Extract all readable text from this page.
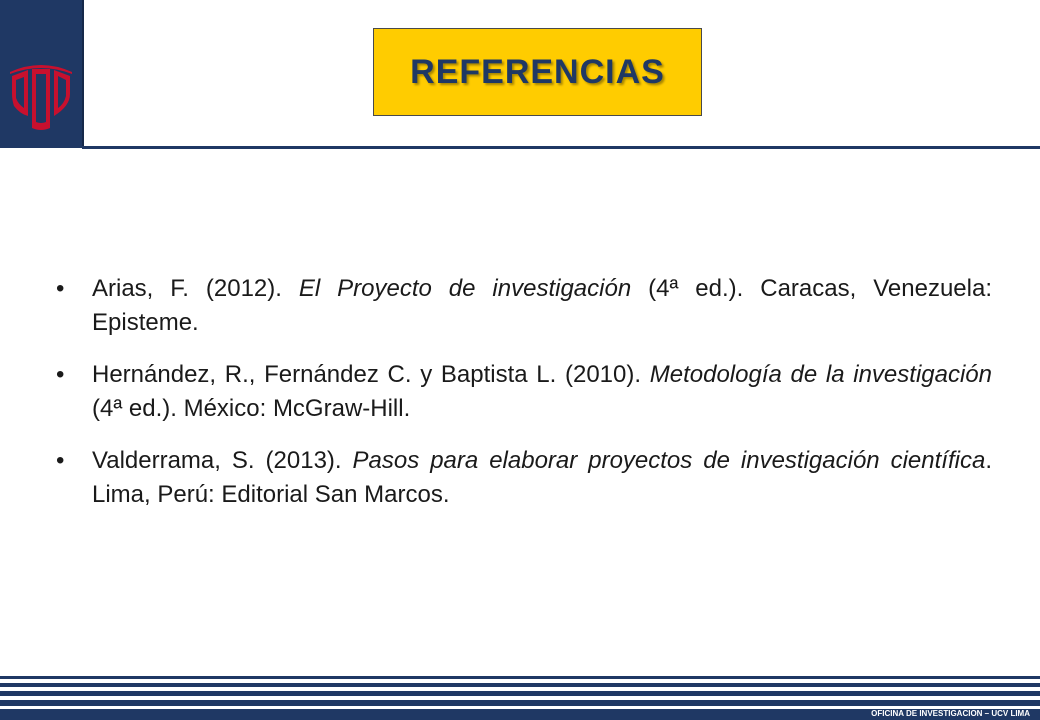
REFERENCIAS
• Arias, F. (2012). El Proyecto de investigación (4ª ed.). Caracas, Venezuela: Episteme.
• Hernández, R., Fernández C. y Baptista L. (2010). Metodología de la investigación (4ª ed.). México: McGraw-Hill.
• Valderrama, S. (2013). Pasos para elaborar proyectos de investigación científica. Lima, Perú: Editorial San Marcos.
OFICINA DE INVESTIGACION – UCV LIMA
